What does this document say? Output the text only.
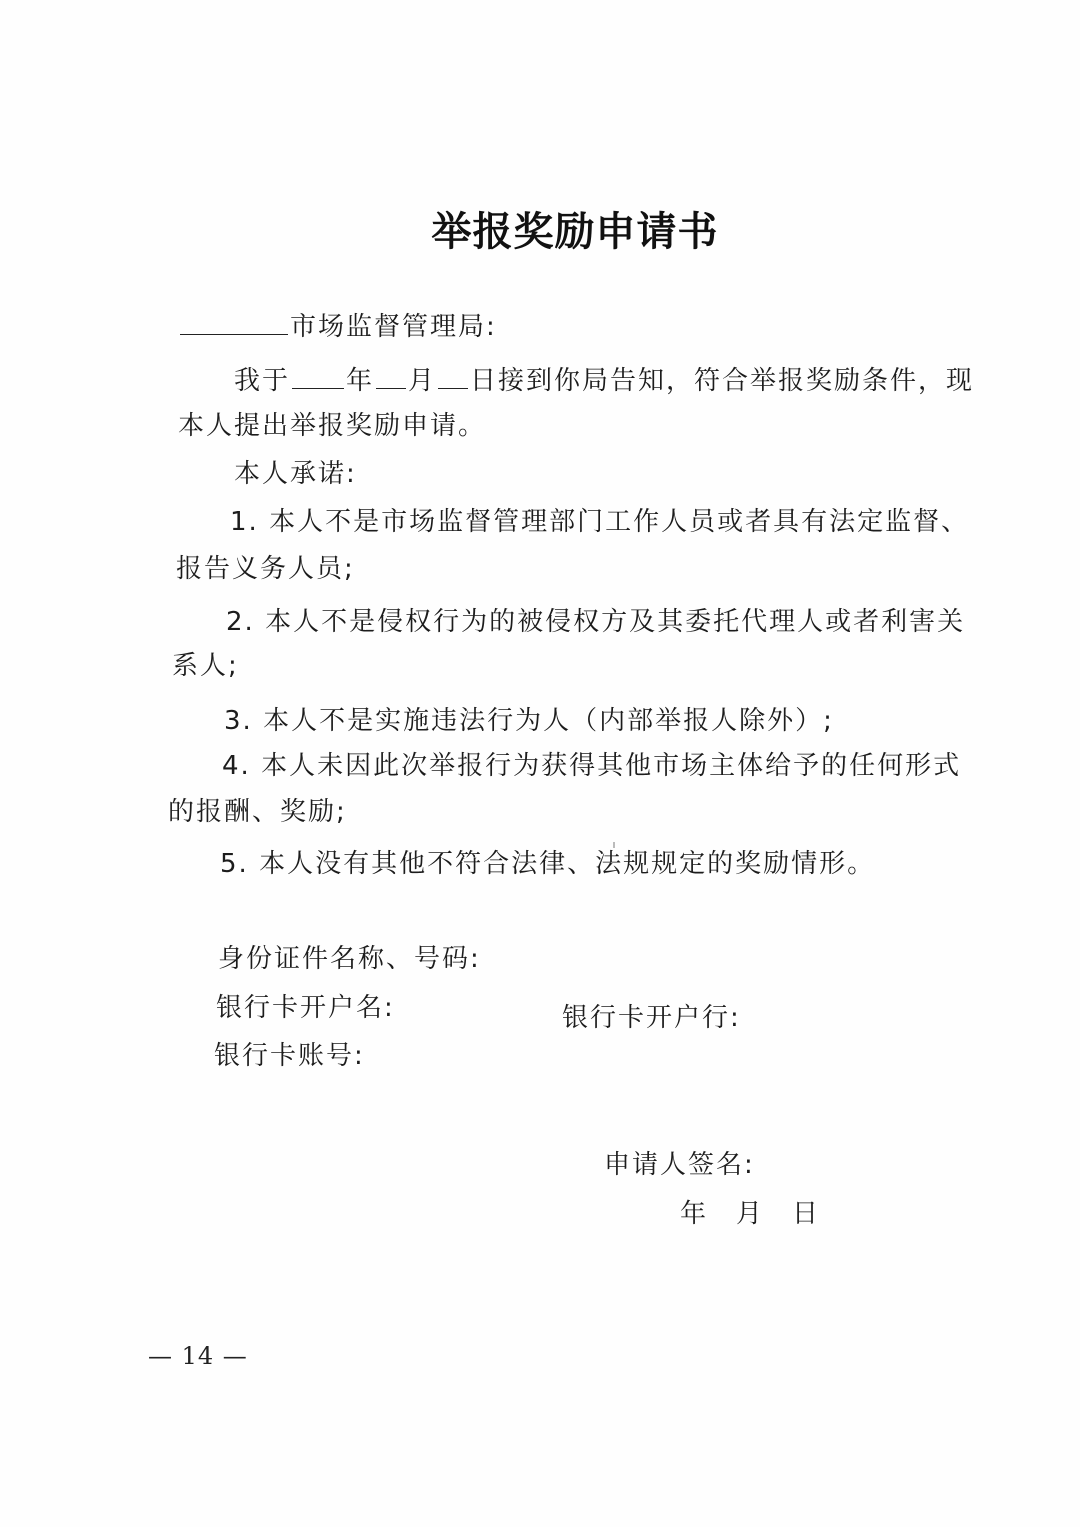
举报奖励申请书
市场监督管理局:
我于 年 月 日接到你局告知，符合举报奖励条件，现
本人提出举报奖励申请。
本人承诺:
1. 本人不是市场监督管理部门工作人员或者具有法定监督、
报告义务人员;
2. 本人不是侵权行为的被侵权方及其委托代理人或者利害关
系人;
3. 本人不是实施违法行为人（内部举报人除外）;
4. 本人未因此次举报行为获得其他市场主体给予的任何形式
的报酬、奖励;
5. 本人没有其他不符合法律、法规规定的奖励情形。
身份证件名称、号码:
银行卡开户名:	银行卡开户行:
银行卡账号:
申请人签名:
年　月　日
— 14 —
